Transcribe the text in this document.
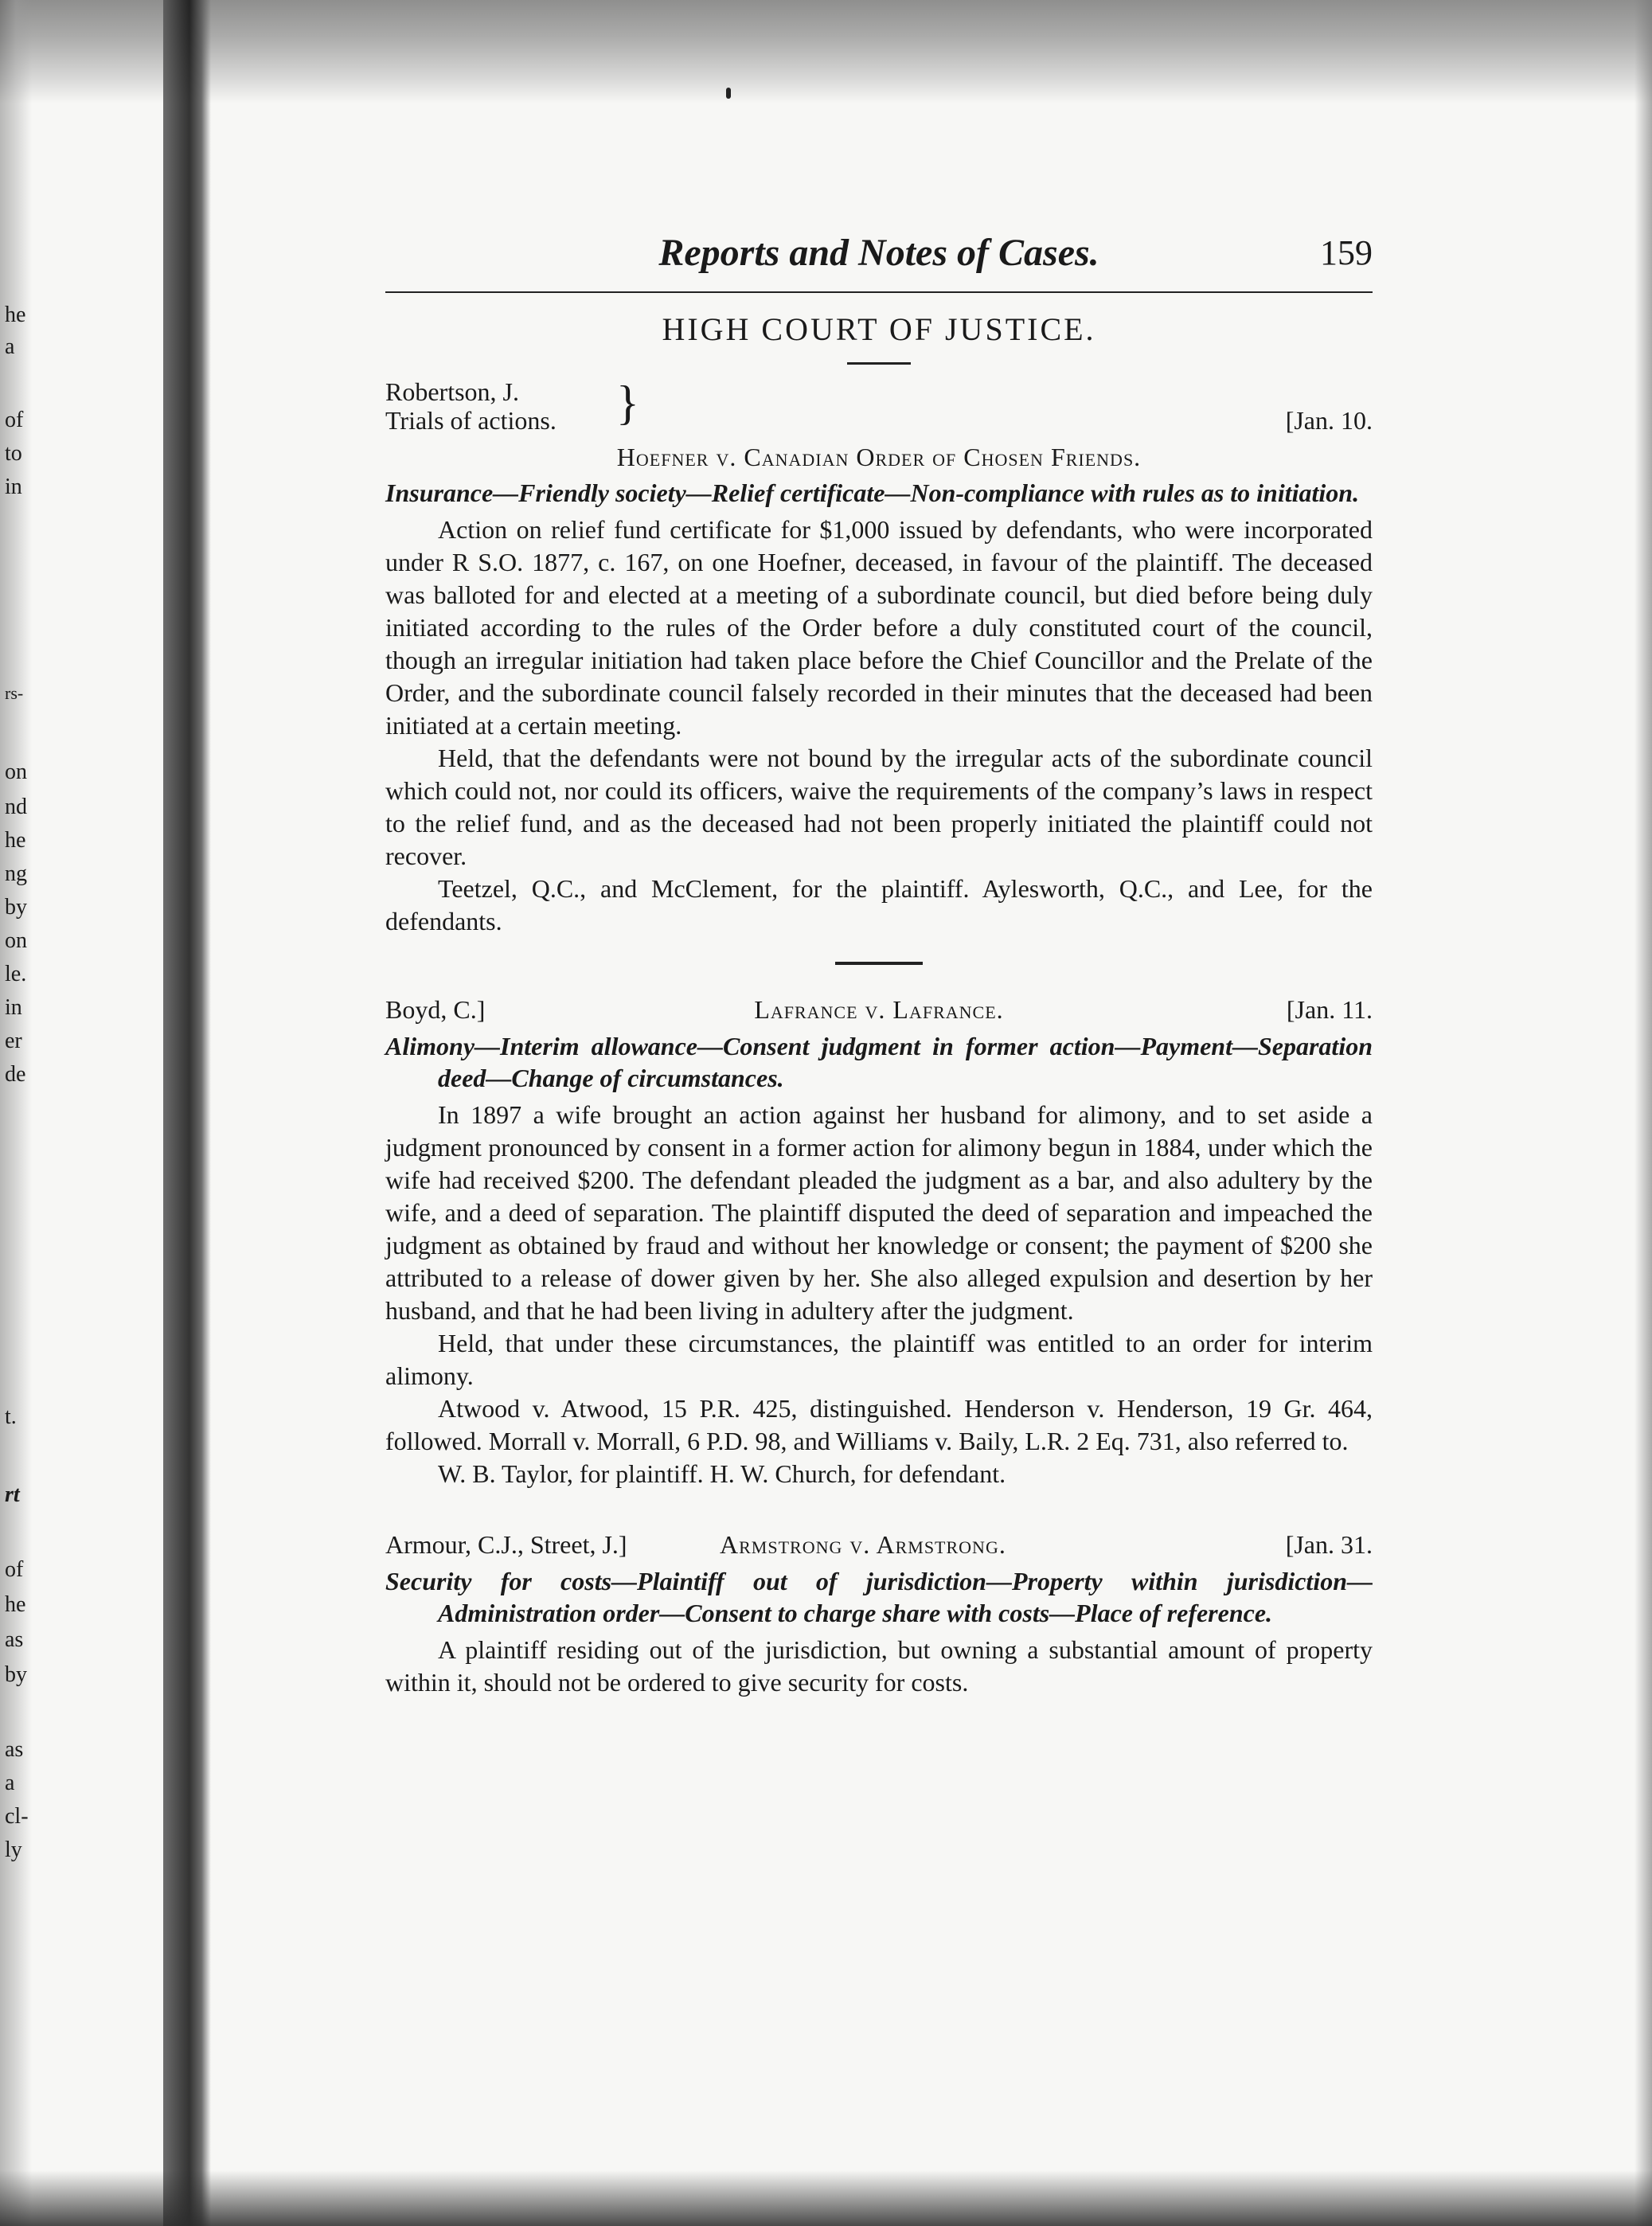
he
a
of
to
in
rs-
on
nd
he
ng
by
on
le.
in
er
de
t.
rt
of
he
as
by
as
a
cl-
ly
Reports and Notes of Cases.	159
HIGH COURT OF JUSTICE.
Robertson, J.
Trials of actions. }	[Jan. 10.
Hoefner v. Canadian Order of Chosen Friends.
Insurance—Friendly society—Relief certificate—Non-compliance with rules as to initiation.

Action on relief fund certificate for $1,000 issued by defendants, who were incorporated under R S.O. 1877, c. 167, on one Hoefner, deceased, in favour of the plaintiff. The deceased was balloted for and elected at a meeting of a subordinate council, but died before being duly initiated according to the rules of the Order before a duly constituted court of the council, though an irregular initiation had taken place before the Chief Councillor and the Prelate of the Order, and the subordinate council falsely recorded in their minutes that the deceased had been initiated at a certain meeting.

Held, that the defendants were not bound by the irregular acts of the subordinate council which could not, nor could its officers, waive the requirements of the company’s laws in respect to the relief fund, and as the deceased had not been properly initiated the plaintiff could not recover.

Teetzel, Q.C., and McClement, for the plaintiff. Aylesworth, Q.C., and Lee, for the defendants.

Boyd, C.]	Lafrance v. Lafrance.	[Jan. 11.
Alimony—Interim allowance—Consent judgment in former action—Payment—Separation deed—Change of circumstances.

In 1897 a wife brought an action against her husband for alimony, and to set aside a judgment pronounced by consent in a former action for alimony begun in 1884, under which the wife had received $200. The defendant pleaded the judgment as a bar, and also adultery by the wife, and a deed of separation. The plaintiff disputed the deed of separation and impeached the judgment as obtained by fraud and without her knowledge or consent; the payment of $200 she attributed to a release of dower given by her. She also alleged expulsion and desertion by her husband, and that he had been living in adultery after the judgment.

Held, that under these circumstances, the plaintiff was entitled to an order for interim alimony.

Atwood v. Atwood, 15 P.R. 425, distinguished. Henderson v. Henderson, 19 Gr. 464, followed. Morrall v. Morrall, 6 P.D. 98, and Williams v. Baily, L.R. 2 Eq. 731, also referred to.

W. B. Taylor, for plaintiff. H. W. Church, for defendant.

Armour, C.J., Street, J.]	Armstrong v. Armstrong.	[Jan. 31.
Security for costs—Plaintiff out of jurisdiction—Property within jurisdiction—Administration order—Consent to charge share with costs—Place of reference.

A plaintiff residing out of the jurisdiction, but owning a substantial amount of property within it, should not be ordered to give security for costs.
